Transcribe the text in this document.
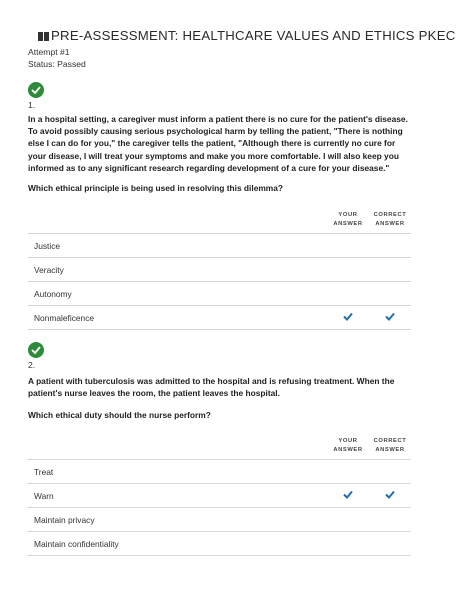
PRE-ASSESSMENT: HEALTHCARE VALUES AND ETHICS PKEC
Attempt #1
Status: Passed
1.
In a hospital setting, a caregiver must inform a patient there is no cure for the patient's disease. To avoid possibly causing serious psychological harm by telling the patient, "There is nothing else I can do for you," the caregiver tells the patient, "Although there is currently no cure for your disease, I will treat your symptoms and make you more comfortable. I will also keep you informed as to any significant research regarding development of a cure for your disease."
Which ethical principle is being used in resolving this dilemma?
YOUR
ANSWER
CORRECT
ANSWER
Justice
Veracity
Autonomy
Nonmaleficence
2.
A patient with tuberculosis was admitted to the hospital and is refusing treatment. When the patient's nurse leaves the room, the patient leaves the hospital.
Which ethical duty should the nurse perform?
YOUR
ANSWER
CORRECT
ANSWER
Treat
Warn
Maintain privacy
Maintain confidentiality
